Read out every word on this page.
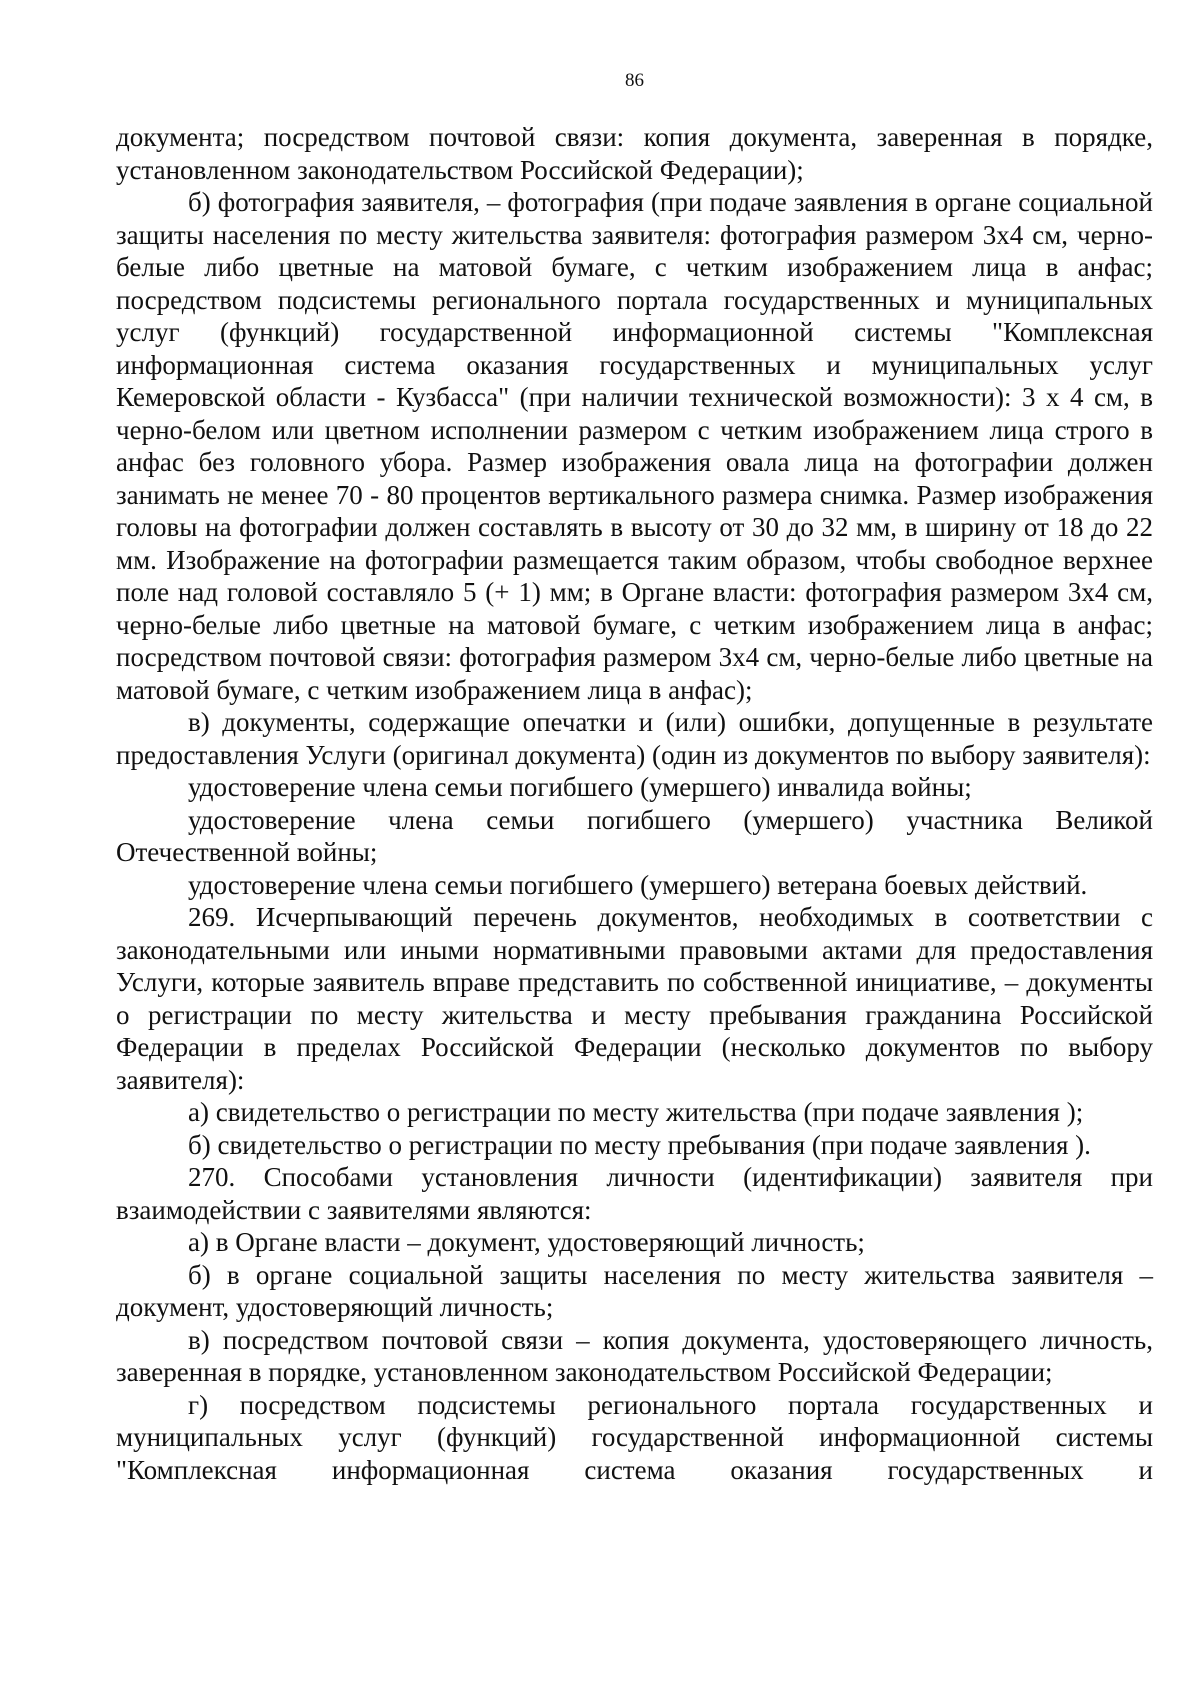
86

документа; посредством почтовой связи: копия документа, заверенная в порядке, установленном законодательством Российской Федерации);

б) фотография заявителя, – фотография (при подаче заявления в органе социальной защиты населения по месту жительства заявителя: фотография размером 3х4 см, черно-белые либо цветные на матовой бумаге, с четким изображением лица в анфас; посредством подсистемы регионального портала государственных и муниципальных услуг (функций) государственной информационной системы "Комплексная информационная система оказания государственных и муниципальных услуг Кемеровской области - Кузбасса" (при наличии технической возможности): 3 х 4 см, в черно-белом или цветном исполнении размером с четким изображением лица строго в анфас без головного убора. Размер изображения овала лица на фотографии должен занимать не менее 70 - 80 процентов вертикального размера снимка. Размер изображения головы на фотографии должен составлять в высоту от 30 до 32 мм, в ширину от 18 до 22 мм. Изображение на фотографии размещается таким образом, чтобы свободное верхнее поле над головой составляло 5 (+ 1) мм; в Органе власти: фотография размером 3х4 см, черно-белые либо цветные на матовой бумаге, с четким изображением лица в анфас; посредством почтовой связи: фотография размером 3х4 см, черно-белые либо цветные на матовой бумаге, с четким изображением лица в анфас);

в) документы, содержащие опечатки и (или) ошибки, допущенные в результате предоставления Услуги (оригинал документа) (один из документов по выбору заявителя):

удостоверение члена семьи погибшего (умершего) инвалида войны;

удостоверение члена семьи погибшего (умершего) участника Великой Отечественной войны;

удостоверение члена семьи погибшего (умершего) ветерана боевых действий.

269. Исчерпывающий перечень документов, необходимых в соответствии с законодательными или иными нормативными правовыми актами для предоставления Услуги, которые заявитель вправе представить по собственной инициативе, – документы о регистрации по месту жительства и месту пребывания гражданина Российской Федерации в пределах Российской Федерации (несколько документов по выбору заявителя):

а) свидетельство о регистрации по месту жительства (при подаче заявления );

б) свидетельство о регистрации по месту пребывания (при подаче заявления ).

270. Способами установления личности (идентификации) заявителя при взаимодействии с заявителями являются:

а) в Органе власти – документ, удостоверяющий личность;

б) в органе социальной защиты населения по месту жительства заявителя – документ, удостоверяющий личность;

в) посредством почтовой связи – копия документа, удостоверяющего личность, заверенная в порядке, установленном законодательством Российской Федерации;

г) посредством подсистемы регионального портала государственных и муниципальных услуг (функций) государственной информационной системы "Комплексная информационная система оказания государственных и
